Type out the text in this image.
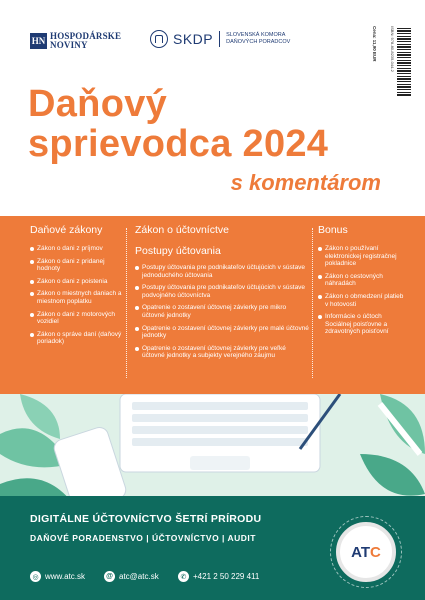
HN HOSPODÁRSKE
NOVINY	SKDP	SLOVENSKÁ KOMORA
DAŇOVÝCH PORADCOV	Cena: 11,90 EUR	ISBN: 978-80-8235-044-2
Daňový
sprievodca 2024
s komentárom
Daňové zákony
Zákon o dani z príjmov
Zákon o dani z pridanej hodnoty
Zákon o dani z poistenia
Zákon o miestnych daniach a miestnom poplatku
Zákon o dani z motorových vozidiel
Zákon o správe daní (daňový poriadok)
Zákon o účtovníctve
Postupy účtovania
Postupy účtovania pre podnikateľov účtujúcich v sústave jednoduchého účtovania
Postupy účtovania pre podnikateľov účtujúcich v sústave podvojného účtovníctva
Opatrenie o zostavení účtovnej závierky pre mikro účtovné jednotky
Opatrenie o zostavení účtovnej závierky pre malé účtovné jednotky
Opatrenie o zostavení účtovnej závierky pre veľké účtovné jednotky a subjekty verejného záujmu
Bonus
Zákon o používaní elektronickej registračnej pokladnice
Zákon o cestovných náhradách
Zákon o obmedzení platieb v hotovosti
Informácie o účtoch Sociálnej poisťovne a zdravotných poisťovní
DIGITÁLNE ÚČTOVNÍCTVO ŠETRÍ PRÍRODU
DAŇOVÉ PORADENSTVO | ÚČTOVNÍCTVO | AUDIT
◎ www.atc.sk	@ atc@atc.sk	✆ +421 2 50 229 411
ATC
